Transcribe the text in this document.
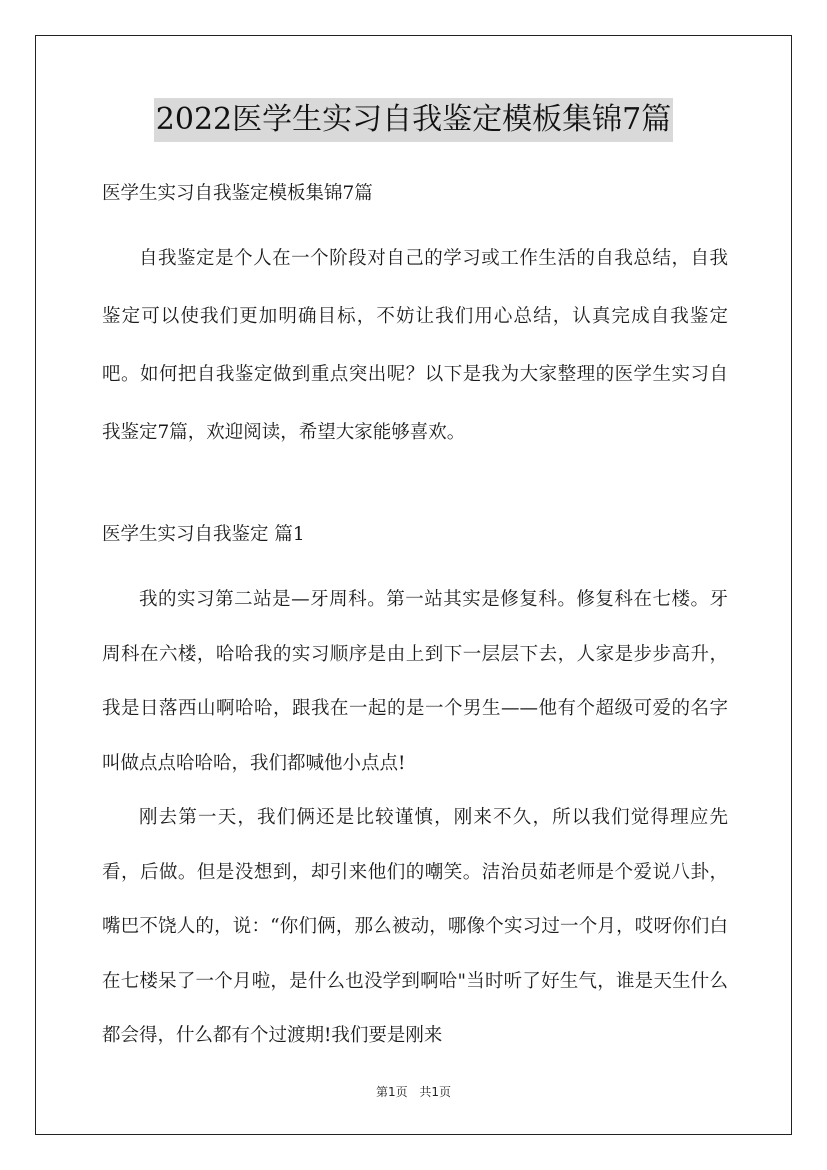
2022医学生实习自我鉴定模板集锦7篇

医学生实习自我鉴定模板集锦7篇

自我鉴定是个人在一个阶段对自己的学习或工作生活的自我总结，自我鉴定可以使我们更加明确目标，不妨让我们用心总结，认真完成自我鉴定吧。如何把自我鉴定做到重点突出呢？以下是我为大家整理的医学生实习自我鉴定7篇，欢迎阅读，希望大家能够喜欢。

医学生实习自我鉴定 篇1

我的实习第二站是—牙周科。第一站其实是修复科。修复科在七楼。牙周科在六楼，哈哈我的实习顺序是由上到下一层层下去，人家是步步高升，我是日落西山啊哈哈，跟我在一起的是一个男生——他有个超级可爱的名字叫做点点哈哈哈，我们都喊他小点点!

刚去第一天，我们俩还是比较谨慎，刚来不久，所以我们觉得理应先看，后做。但是没想到，却引来他们的嘲笑。洁治员茹老师是个爱说八卦，嘴巴不饶人的，说：“你们俩，那么被动，哪像个实习过一个月，哎呀你们白在七楼呆了一个月啦，是什么也没学到啊哈"当时听了好生气，谁是天生什么都会得，什么都有个过渡期!我们要是刚来

第1页 共1页
